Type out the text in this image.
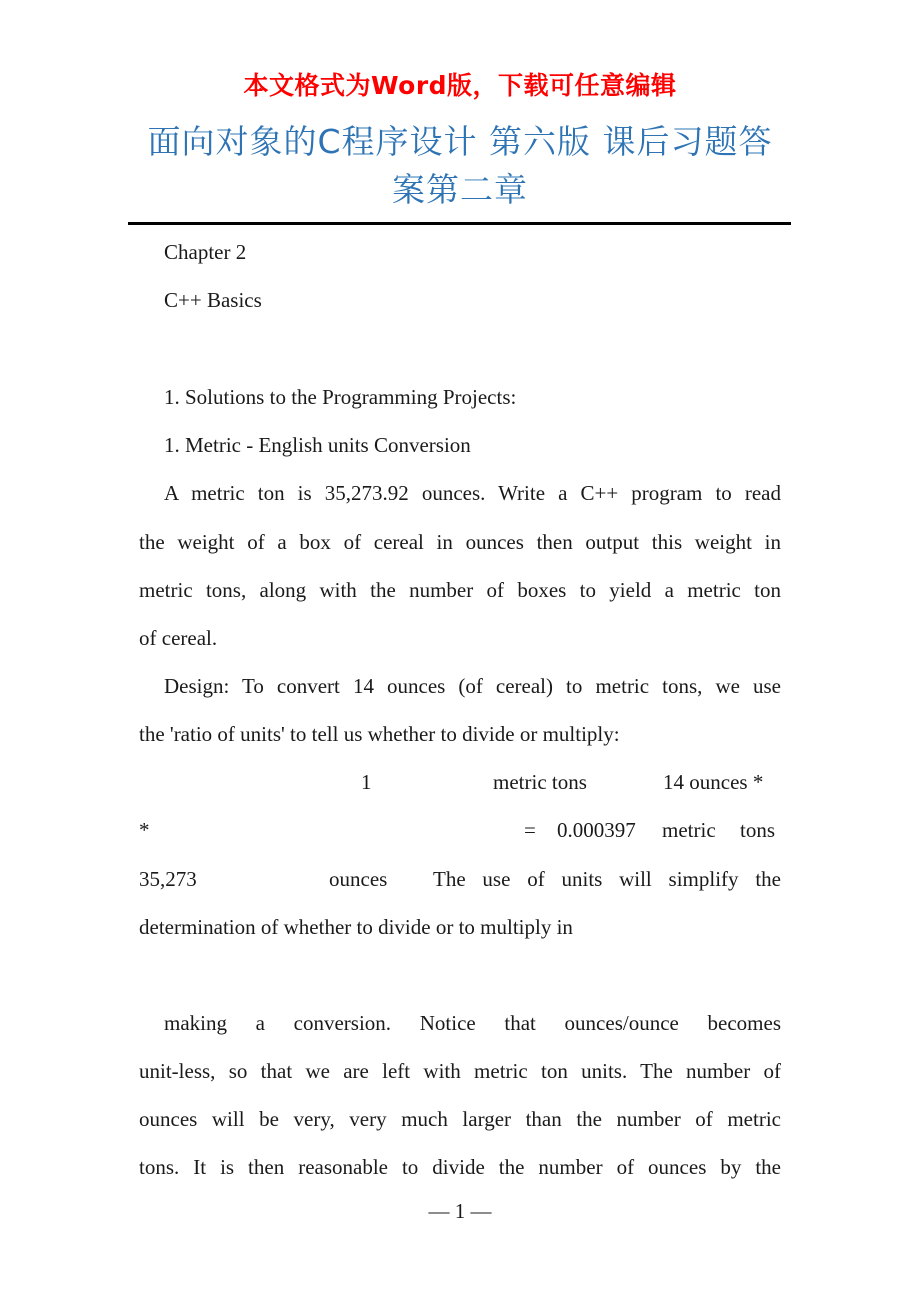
本文格式为Word版，下载可任意编辑
面向对象的C程序设计 第六版 课后习题答
案第二章
Chapter 2
C++ Basics
1. Solutions to the Programming Projects:
1. Metric - English units Conversion
A metric ton is 35,273.92 ounces. Write a C++ program to read
the weight of a box of cereal in ounces then output this weight in
metric tons, along with the number of boxes to yield a metric ton
of cereal.
Design: To convert 14 ounces (of cereal) to metric tons, we use
the 'ratio of units' to tell us whether to divide or multiply:
1	metric tons	14 ounces *
*	= 0.000397 metric tons
35,273	ounces The use of units will simplify the
determination of whether to divide or to multiply in
making a conversion. Notice that ounces/ounce becomes
unit-less, so that we are left with metric ton units. The number of
ounces will be very, very much larger than the number of metric
tons. It is then reasonable to divide the number of ounces by the
— 1 —
